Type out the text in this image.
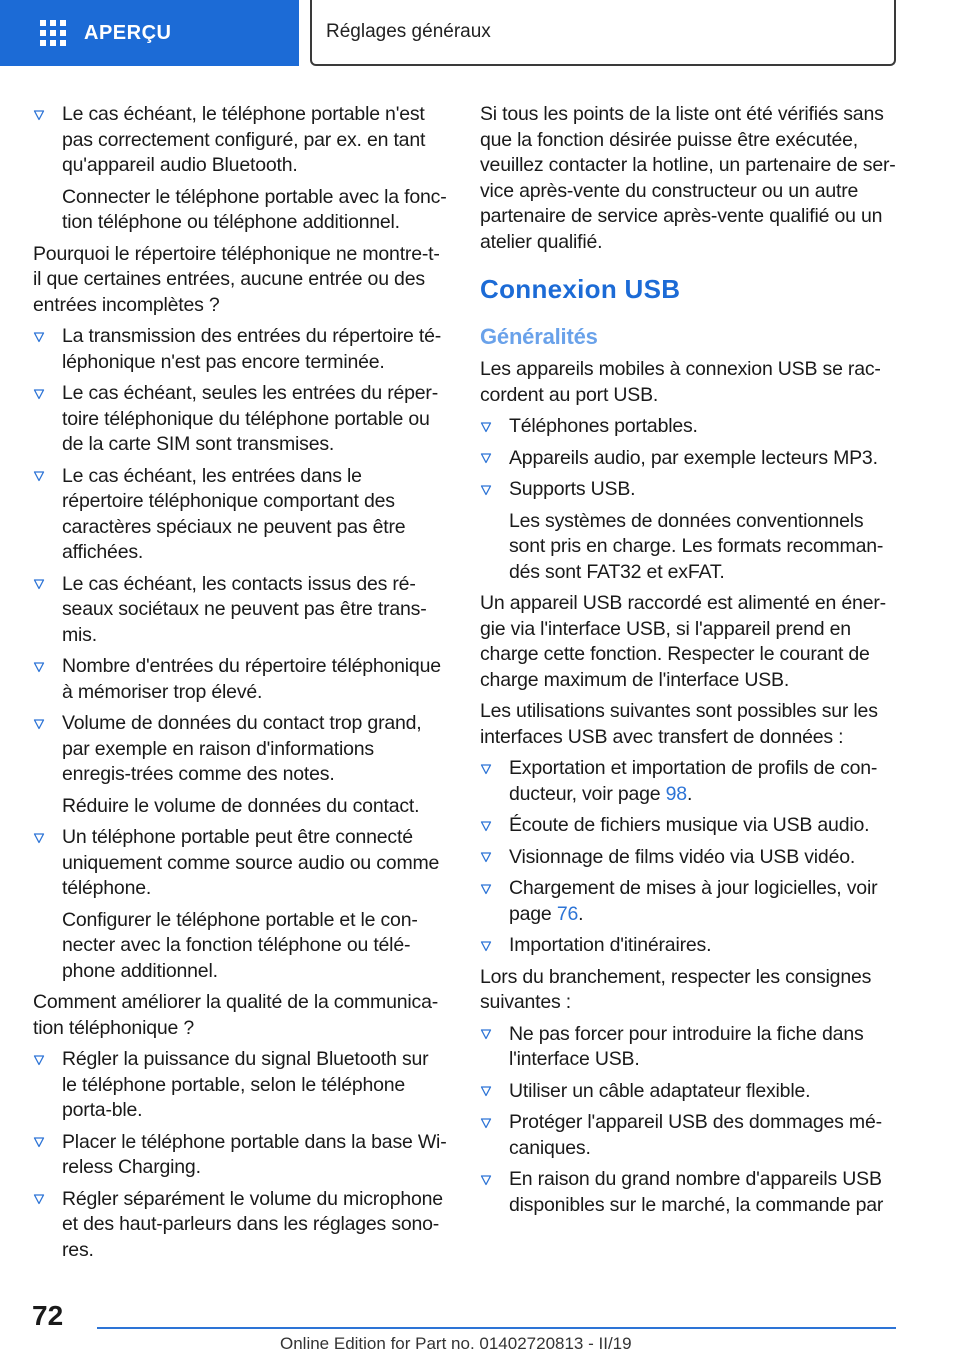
APERÇU	Réglages généraux
Le cas échéant, le téléphone portable n'est pas correctement configuré, par ex. en tant qu'appareil audio Bluetooth.
Connecter le téléphone portable avec la fonc‐tion téléphone ou téléphone additionnel.
Pourquoi le répertoire téléphonique ne montre-t-il que certaines entrées, aucune entrée ou des entrées incomplètes ?
La transmission des entrées du répertoire té‐léphonique n'est pas encore terminée.
Le cas échéant, seules les entrées du réper‐toire téléphonique du téléphone portable ou de la carte SIM sont transmises.
Le cas échéant, les entrées dans le répertoire téléphonique comportant des caractères spéciaux ne peuvent pas être affichées.
Le cas échéant, les contacts issus des ré‐seaux sociétaux ne peuvent pas être trans‐mis.
Nombre d'entrées du répertoire téléphonique à mémoriser trop élevé.
Volume de données du contact trop grand, par exemple en raison d'informations enregis‐trées comme des notes.
Réduire le volume de données du contact.
Un téléphone portable peut être connecté uniquement comme source audio ou comme téléphone.
Configurer le téléphone portable et le con‐necter avec la fonction téléphone ou télé‐phone additionnel.
Comment améliorer la qualité de la communica‐tion téléphonique ?
Régler la puissance du signal Bluetooth sur le téléphone portable, selon le téléphone porta‐ble.
Placer le téléphone portable dans la base Wi‐reless Charging.
Régler séparément le volume du microphone et des haut-parleurs dans les réglages sono‐res.
Si tous les points de la liste ont été vérifiés sans que la fonction désirée puisse être exécutée, veuillez contacter la hotline, un partenaire de ser‐vice après-vente du constructeur ou un autre partenaire de service après-vente qualifié ou un atelier qualifié.
Connexion USB
Généralités
Les appareils mobiles à connexion USB se rac‐cordent au port USB.
Téléphones portables.
Appareils audio, par exemple lecteurs MP3.
Supports USB.
Les systèmes de données conventionnels sont pris en charge. Les formats recomman‐dés sont FAT32 et exFAT.
Un appareil USB raccordé est alimenté en éner‐gie via l'interface USB, si l'appareil prend en charge cette fonction. Respecter le courant de charge maximum de l'interface USB.
Les utilisations suivantes sont possibles sur les interfaces USB avec transfert de données :
Exportation et importation de profils de con‐ducteur, voir page 98.
Écoute de fichiers musique via USB audio.
Visionnage de films vidéo via USB vidéo.
Chargement de mises à jour logicielles, voir page 76.
Importation d'itinéraires.
Lors du branchement, respecter les consignes suivantes :
Ne pas forcer pour introduire la fiche dans l'interface USB.
Utiliser un câble adaptateur flexible.
Protéger l'appareil USB des dommages mé‐caniques.
En raison du grand nombre d'appareils USB disponibles sur le marché, la commande par
72
Online Edition for Part no. 01402720813 - II/19
